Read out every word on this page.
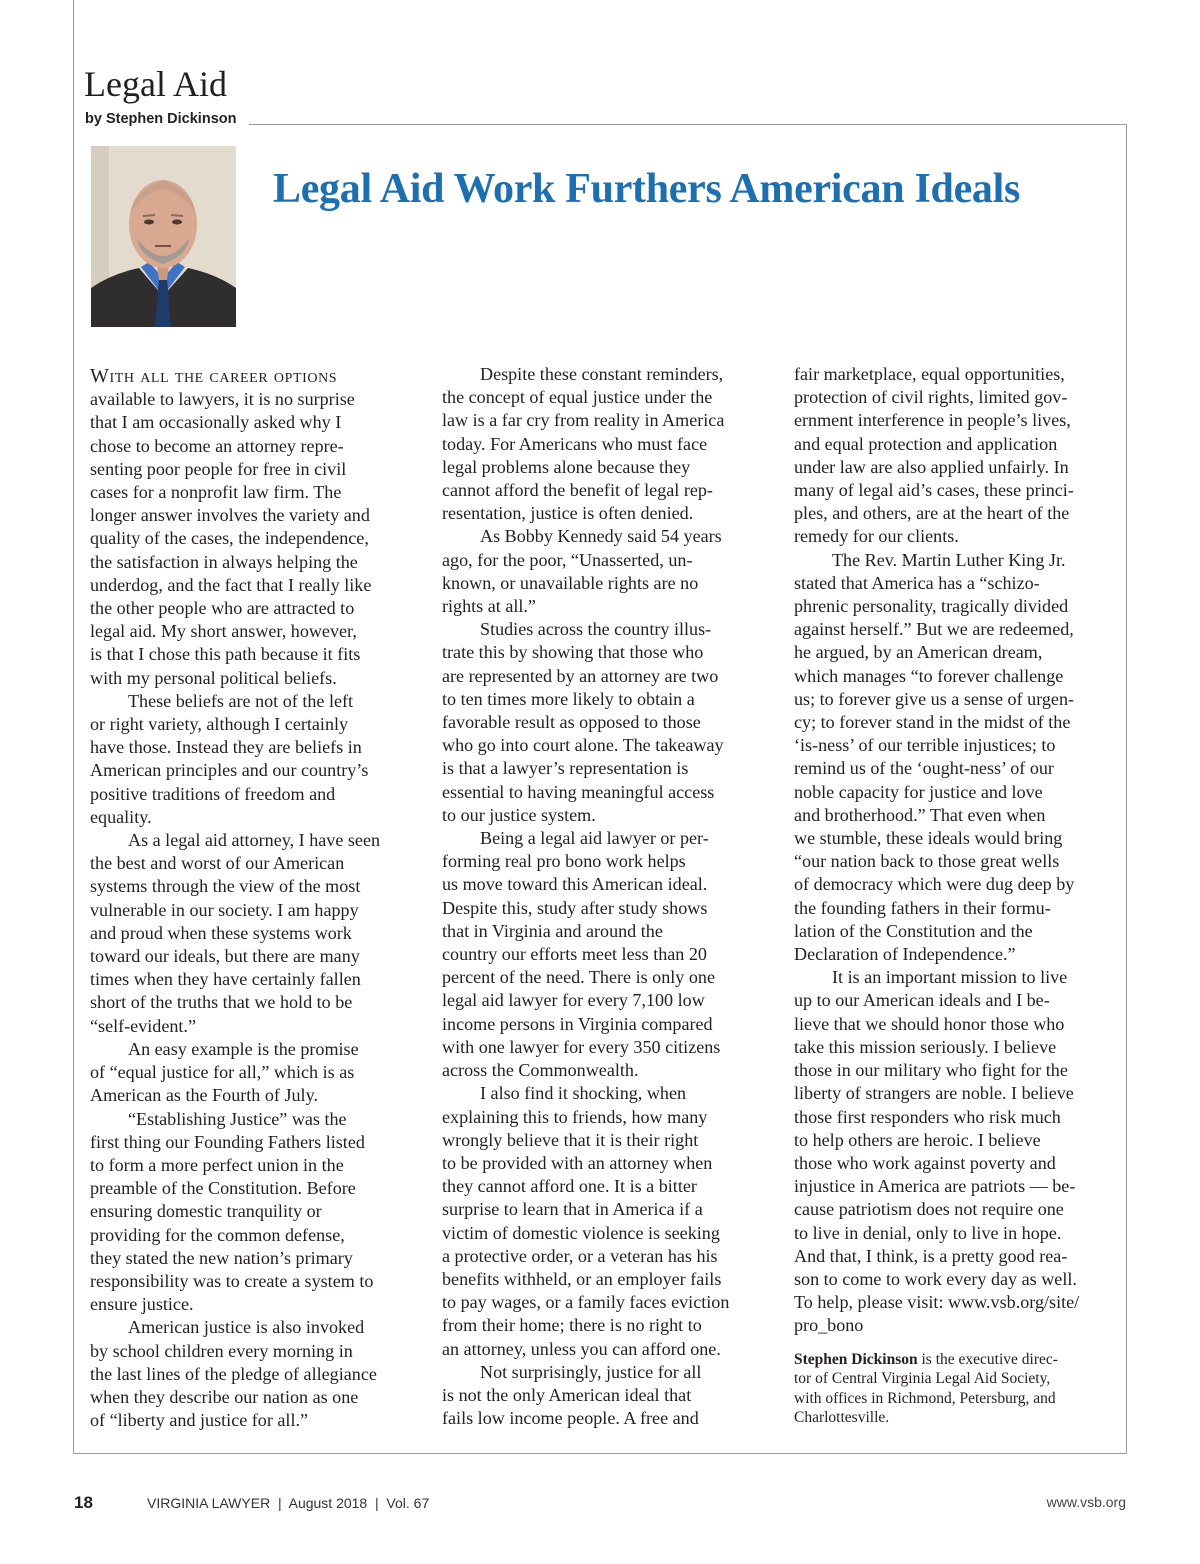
Legal Aid
by Stephen Dickinson
Legal Aid Work Furthers American Ideals

With all the career options
available to lawyers, it is no surprise
that I am occasionally asked why I
chose to become an attorney repre-
senting poor people for free in civil
cases for a nonprofit law firm. The
longer answer involves the variety and
quality of the cases, the independence,
the satisfaction in always helping the
underdog, and the fact that I really like
the other people who are attracted to
legal aid. My short answer, however,
is that I chose this path because it fits
with my personal political beliefs.

These beliefs are not of the left
or right variety, although I certainly
have those. Instead they are beliefs in
American principles and our country’s
positive traditions of freedom and
equality.

As a legal aid attorney, I have seen
the best and worst of our American
systems through the view of the most
vulnerable in our society. I am happy
and proud when these systems work
toward our ideals, but there are many
times when they have certainly fallen
short of the truths that we hold to be
“self-evident.”

An easy example is the promise
of “equal justice for all,” which is as
American as the Fourth of July.

“Establishing Justice” was the
first thing our Founding Fathers listed
to form a more perfect union in the
preamble of the Constitution. Before
ensuring domestic tranquility or
providing for the common defense,
they stated the new nation’s primary
responsibility was to create a system to
ensure justice.

American justice is also invoked
by school children every morning in
the last lines of the pledge of allegiance
when they describe our nation as one
of “liberty and justice for all.”

Despite these constant reminders,
the concept of equal justice under the
law is a far cry from reality in America
today. For Americans who must face
legal problems alone because they
cannot afford the benefit of legal rep-
resentation, justice is often denied.

As Bobby Kennedy said 54 years
ago, for the poor, “Unasserted, un-
known, or unavailable rights are no
rights at all.”

Studies across the country illus-
trate this by showing that those who
are represented by an attorney are two
to ten times more likely to obtain a
favorable result as opposed to those
who go into court alone. The takeaway
is that a lawyer’s representation is
essential to having meaningful access
to our justice system.

Being a legal aid lawyer or per-
forming real pro bono work helps
us move toward this American ideal.
Despite this, study after study shows
that in Virginia and around the
country our efforts meet less than 20
percent of the need. There is only one
legal aid lawyer for every 7,100 low
income persons in Virginia compared
with one lawyer for every 350 citizens
across the Commonwealth.

I also find it shocking, when
explaining this to friends, how many
wrongly believe that it is their right
to be provided with an attorney when
they cannot afford one. It is a bitter
surprise to learn that in America if a
victim of domestic violence is seeking
a protective order, or a veteran has his
benefits withheld, or an employer fails
to pay wages, or a family faces eviction
from their home; there is no right to
an attorney, unless you can afford one.

Not surprisingly, justice for all
is not the only American ideal that
fails low income people. A free and

fair marketplace, equal opportunities,
protection of civil rights, limited gov-
ernment interference in people’s lives,
and equal protection and application
under law are also applied unfairly. In
many of legal aid’s cases, these princi-
ples, and others, are at the heart of the
remedy for our clients.

The Rev. Martin Luther King Jr.
stated that America has a “schizo-
phrenic personality, tragically divided
against herself.” But we are redeemed,
he argued, by an American dream,
which manages “to forever challenge
us; to forever give us a sense of urgen-
cy; to forever stand in the midst of the
‘is-ness’ of our terrible injustices; to
remind us of the ‘ought-ness’ of our
noble capacity for justice and love
and brotherhood.” That even when
we stumble, these ideals would bring
“our nation back to those great wells
of democracy which were dug deep by
the founding fathers in their formu-
lation of the Constitution and the
Declaration of Independence.”

It is an important mission to live
up to our American ideals and I be-
lieve that we should honor those who
take this mission seriously. I believe
those in our military who fight for the
liberty of strangers are noble. I believe
those first responders who risk much
to help others are heroic. I believe
those who work against poverty and
injustice in America are patriots — be-
cause patriotism does not require one
to live in denial, only to live in hope.
And that, I think, is a pretty good rea-
son to come to work every day as well.
To help, please visit: www.vsb.org/site/
pro_bono

Stephen Dickinson is the executive direc-
tor of Central Virginia Legal Aid Society,
with offices in Richmond, Petersburg, and
Charlottesville.

18	VIRGINIA LAWYER  |  August 2018  |  Vol. 67	www.vsb.org
